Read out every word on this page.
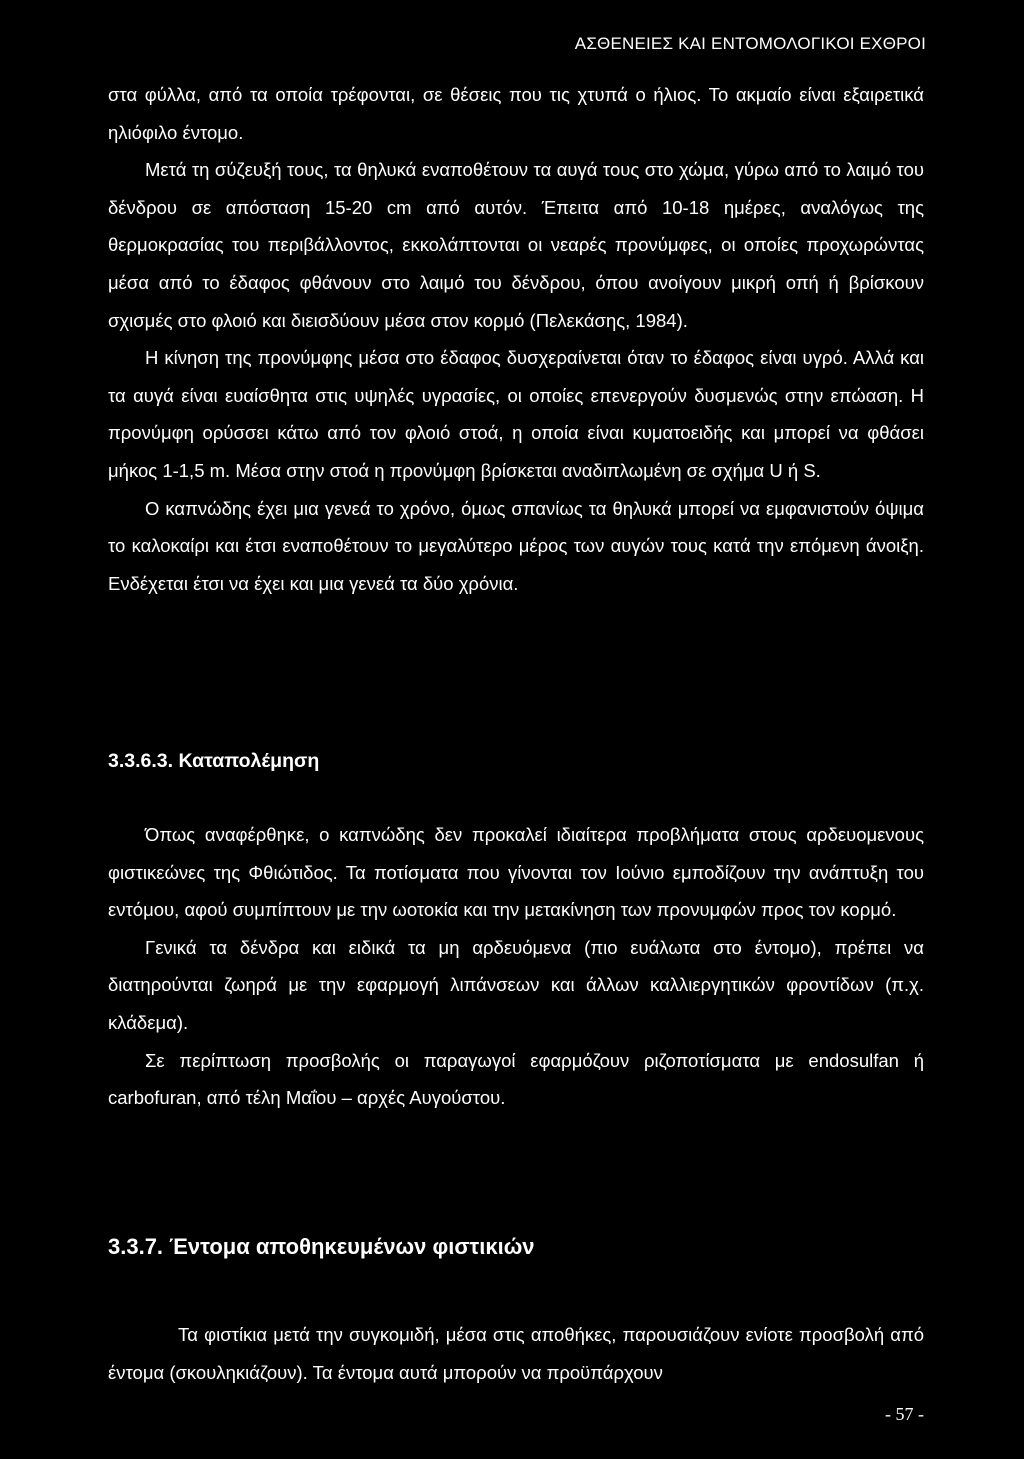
ΑΣΘΕΝΕΙΕΣ ΚΑΙ ΕΝΤΟΜΟΛΟΓΙΚΟΙ ΕΧΘΡΟΙ

στα φύλλα, από τα οποία τρέφονται, σε θέσεις που τις χτυπά ο ήλιος. Το ακμαίο είναι εξαιρετικά ηλιόφιλο έντομο.

Μετά τη σύζευξή τους, τα θηλυκά εναποθέτουν τα αυγά τους στο χώμα, γύρω από το λαιμό του δένδρου σε απόσταση 15-20 cm από αυτόν. Έπειτα από 10-18 ημέρες, αναλόγως της θερμοκρασίας του περιβάλλοντος, εκκολάπτονται οι νεαρές προνύμφες, οι οποίες προχωρώντας μέσα από το έδαφος φθάνουν στο λαιμό του δένδρου, όπου ανοίγουν μικρή οπή ή βρίσκουν σχισμές στο φλοιό και διεισδύουν μέσα στον κορμό (Πελεκάσης, 1984).

Η κίνηση της προνύμφης μέσα στο έδαφος δυσχεραίνεται όταν το έδαφος είναι υγρό. Αλλά και τα αυγά είναι ευαίσθητα στις υψηλές υγρασίες, οι οποίες επενεργούν δυσμενώς στην επώαση. Η προνύμφη ορύσσει κάτω από τον φλοιό στοά, η οποία είναι κυματοειδής και μπορεί να φθάσει μήκος 1-1,5 m. Μέσα στην στοά η προνύμφη βρίσκεται αναδιπλωμένη σε σχήμα U ή S.

Ο καπνώδης έχει μια γενεά το χρόνο, όμως σπανίως τα θηλυκά μπορεί να εμφανιστούν όψιμα το καλοκαίρι και έτσι εναποθέτουν το μεγαλύτερο μέρος των αυγών τους κατά την επόμενη άνοιξη. Ενδέχεται έτσι να έχει και μια γενεά τα δύο χρόνια.

3.3.6.3. Καταπολέμηση

Όπως αναφέρθηκε, ο καπνώδης δεν προκαλεί ιδιαίτερα προβλήματα στους αρδευομενους φιστικεώνες της Φθιώτιδος. Τα ποτίσματα που γίνονται τον Ιούνιο εμποδίζουν την ανάπτυξη του εντόμου, αφού συμπίπτουν με την ωοτοκία και την μετακίνηση των προνυμφών προς τον κορμό.

Γενικά τα δένδρα και ειδικά τα μη αρδευόμενα (πιο ευάλωτα στο έντομο), πρέπει να διατηρούνται ζωηρά με την εφαρμογή λιπάνσεων και άλλων καλλιεργητικών φροντίδων (π.χ. κλάδεμα).

Σε περίπτωση προσβολής οι παραγωγοί εφαρμόζουν ριζοποτίσματα με endosulfan ή carbofuran, από τέλη Μαΐου – αρχές Αυγούστου.

3.3.7. Έντομα αποθηκευμένων φιστικιών

Τα φιστίκια μετά την συγκομιδή, μέσα στις αποθήκες, παρουσιάζουν ενίοτε προσβολή από έντομα (σκουληκιάζουν). Τα έντομα αυτά μπορούν να προϋπάρχουν

- 57 -
